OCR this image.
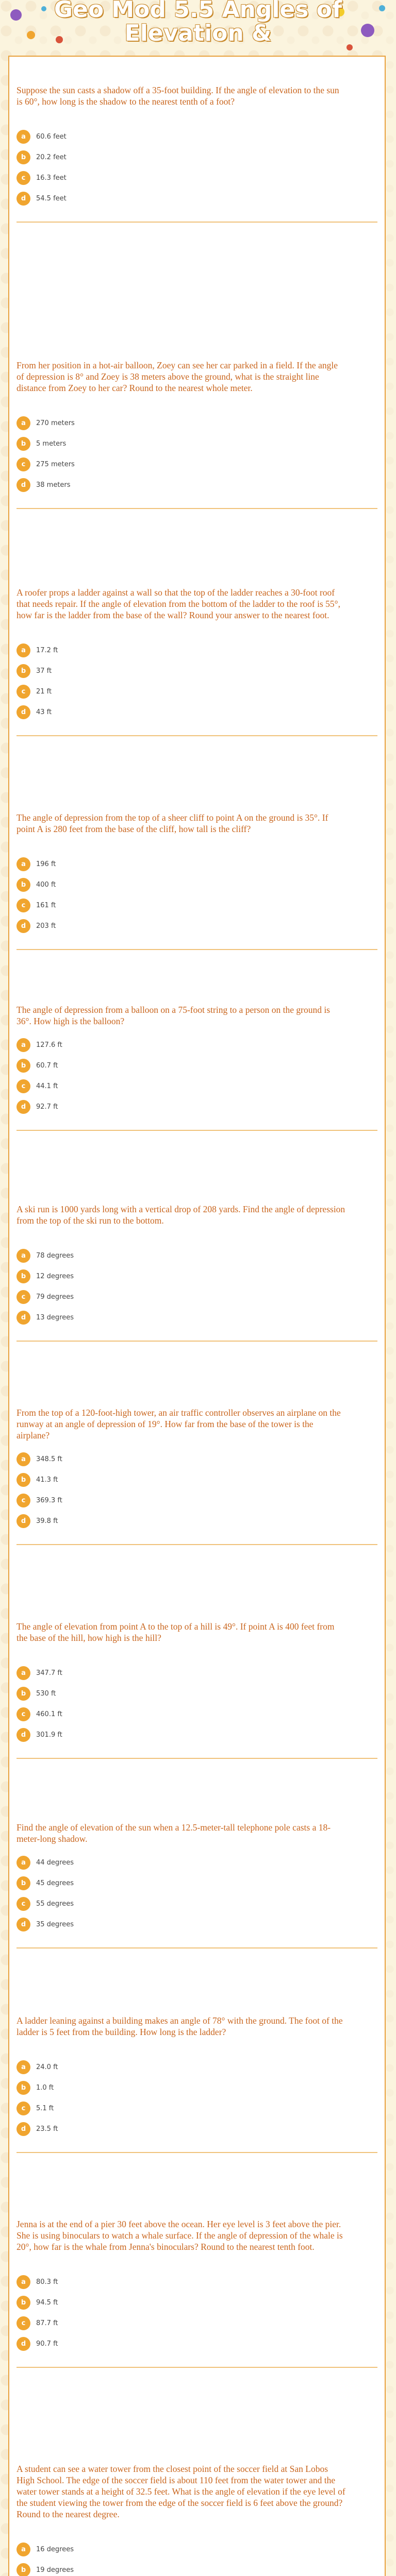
Geo Mod 5.5 Angles of Elevation &
Suppose the sun casts a shadow off a 35-foot building. If the angle of elevation to the sun is 60°, how long is the shadow to the nearest tenth of a foot?
a	60.6 feet
b	20.2 feet
c	16.3 feet
d	54.5 feet
From her position in a hot-air balloon, Zoey can see her car parked in a field. If the angle of depression is 8° and Zoey is 38 meters above the ground, what is the straight line distance from Zoey to her car? Round to the nearest whole meter.
a	270 meters
b	5 meters
c	275 meters
d	38 meters
A roofer props a ladder against a wall so that the top of the ladder reaches a 30-foot roof that needs repair. If the angle of elevation from the bottom of the ladder to the roof is 55°, how far is the ladder from the base of the wall? Round your answer to the nearest foot.
a	17.2 ft
b	37 ft
c	21 ft
d	43 ft
The angle of depression from the top of a sheer cliff to point A on the ground is 35°. If point A is 280 feet from the base of the cliff, how tall is the cliff?
a	196 ft
b	400 ft
c	161 ft
d	203 ft
The angle of depression from a balloon on a 75-foot string to a person on the ground is 36°. How high is the balloon?
a	127.6 ft
b	60.7 ft
c	44.1 ft
d	92.7 ft
A ski run is 1000 yards long with a vertical drop of 208 yards. Find the angle of depression from the top of the ski run to the bottom.
a	78 degrees
b	12 degrees
c	79 degrees
d	13 degrees
From the top of a 120-foot-high tower, an air traffic controller observes an airplane on the runway at an angle of depression of 19°. How far from the base of the tower is the airplane?
a	348.5 ft
b	41.3 ft
c	369.3 ft
d	39.8 ft
The angle of elevation from point A to the top of a hill is 49°. If point A is 400 feet from the base of the hill, how high is the hill?
a	347.7 ft
b	530 ft
c	460.1 ft
d	301.9 ft
Find the angle of elevation of the sun when a 12.5-meter-tall telephone pole casts a 18-meter-long shadow.
a	44 degrees
b	45 degrees
c	55 degrees
d	35 degrees
A ladder leaning against a building makes an angle of 78° with the ground. The foot of the ladder is 5 feet from the building. How long is the ladder?
a	24.0 ft
b	1.0 ft
c	5.1 ft
d	23.5 ft
Jenna is at the end of a pier 30 feet above the ocean. Her eye level is 3 feet above the pier. She is using binoculars to watch a whale surface. If the angle of depression of the whale is 20°, how far is the whale from Jenna's binoculars? Round to the nearest tenth foot.
a	80.3 ft
b	94.5 ft
c	87.7 ft
d	90.7 ft
A student can see a water tower from the closest point of the soccer field at San Lobos High School. The edge of the soccer field is about 110 feet from the water tower and the water tower stands at a height of 32.5 feet. What is the angle of elevation if the eye level of the student viewing the tower from the edge of the soccer field is 6 feet above the ground? Round to the nearest degree.
a	16 degrees
b	19 degrees
